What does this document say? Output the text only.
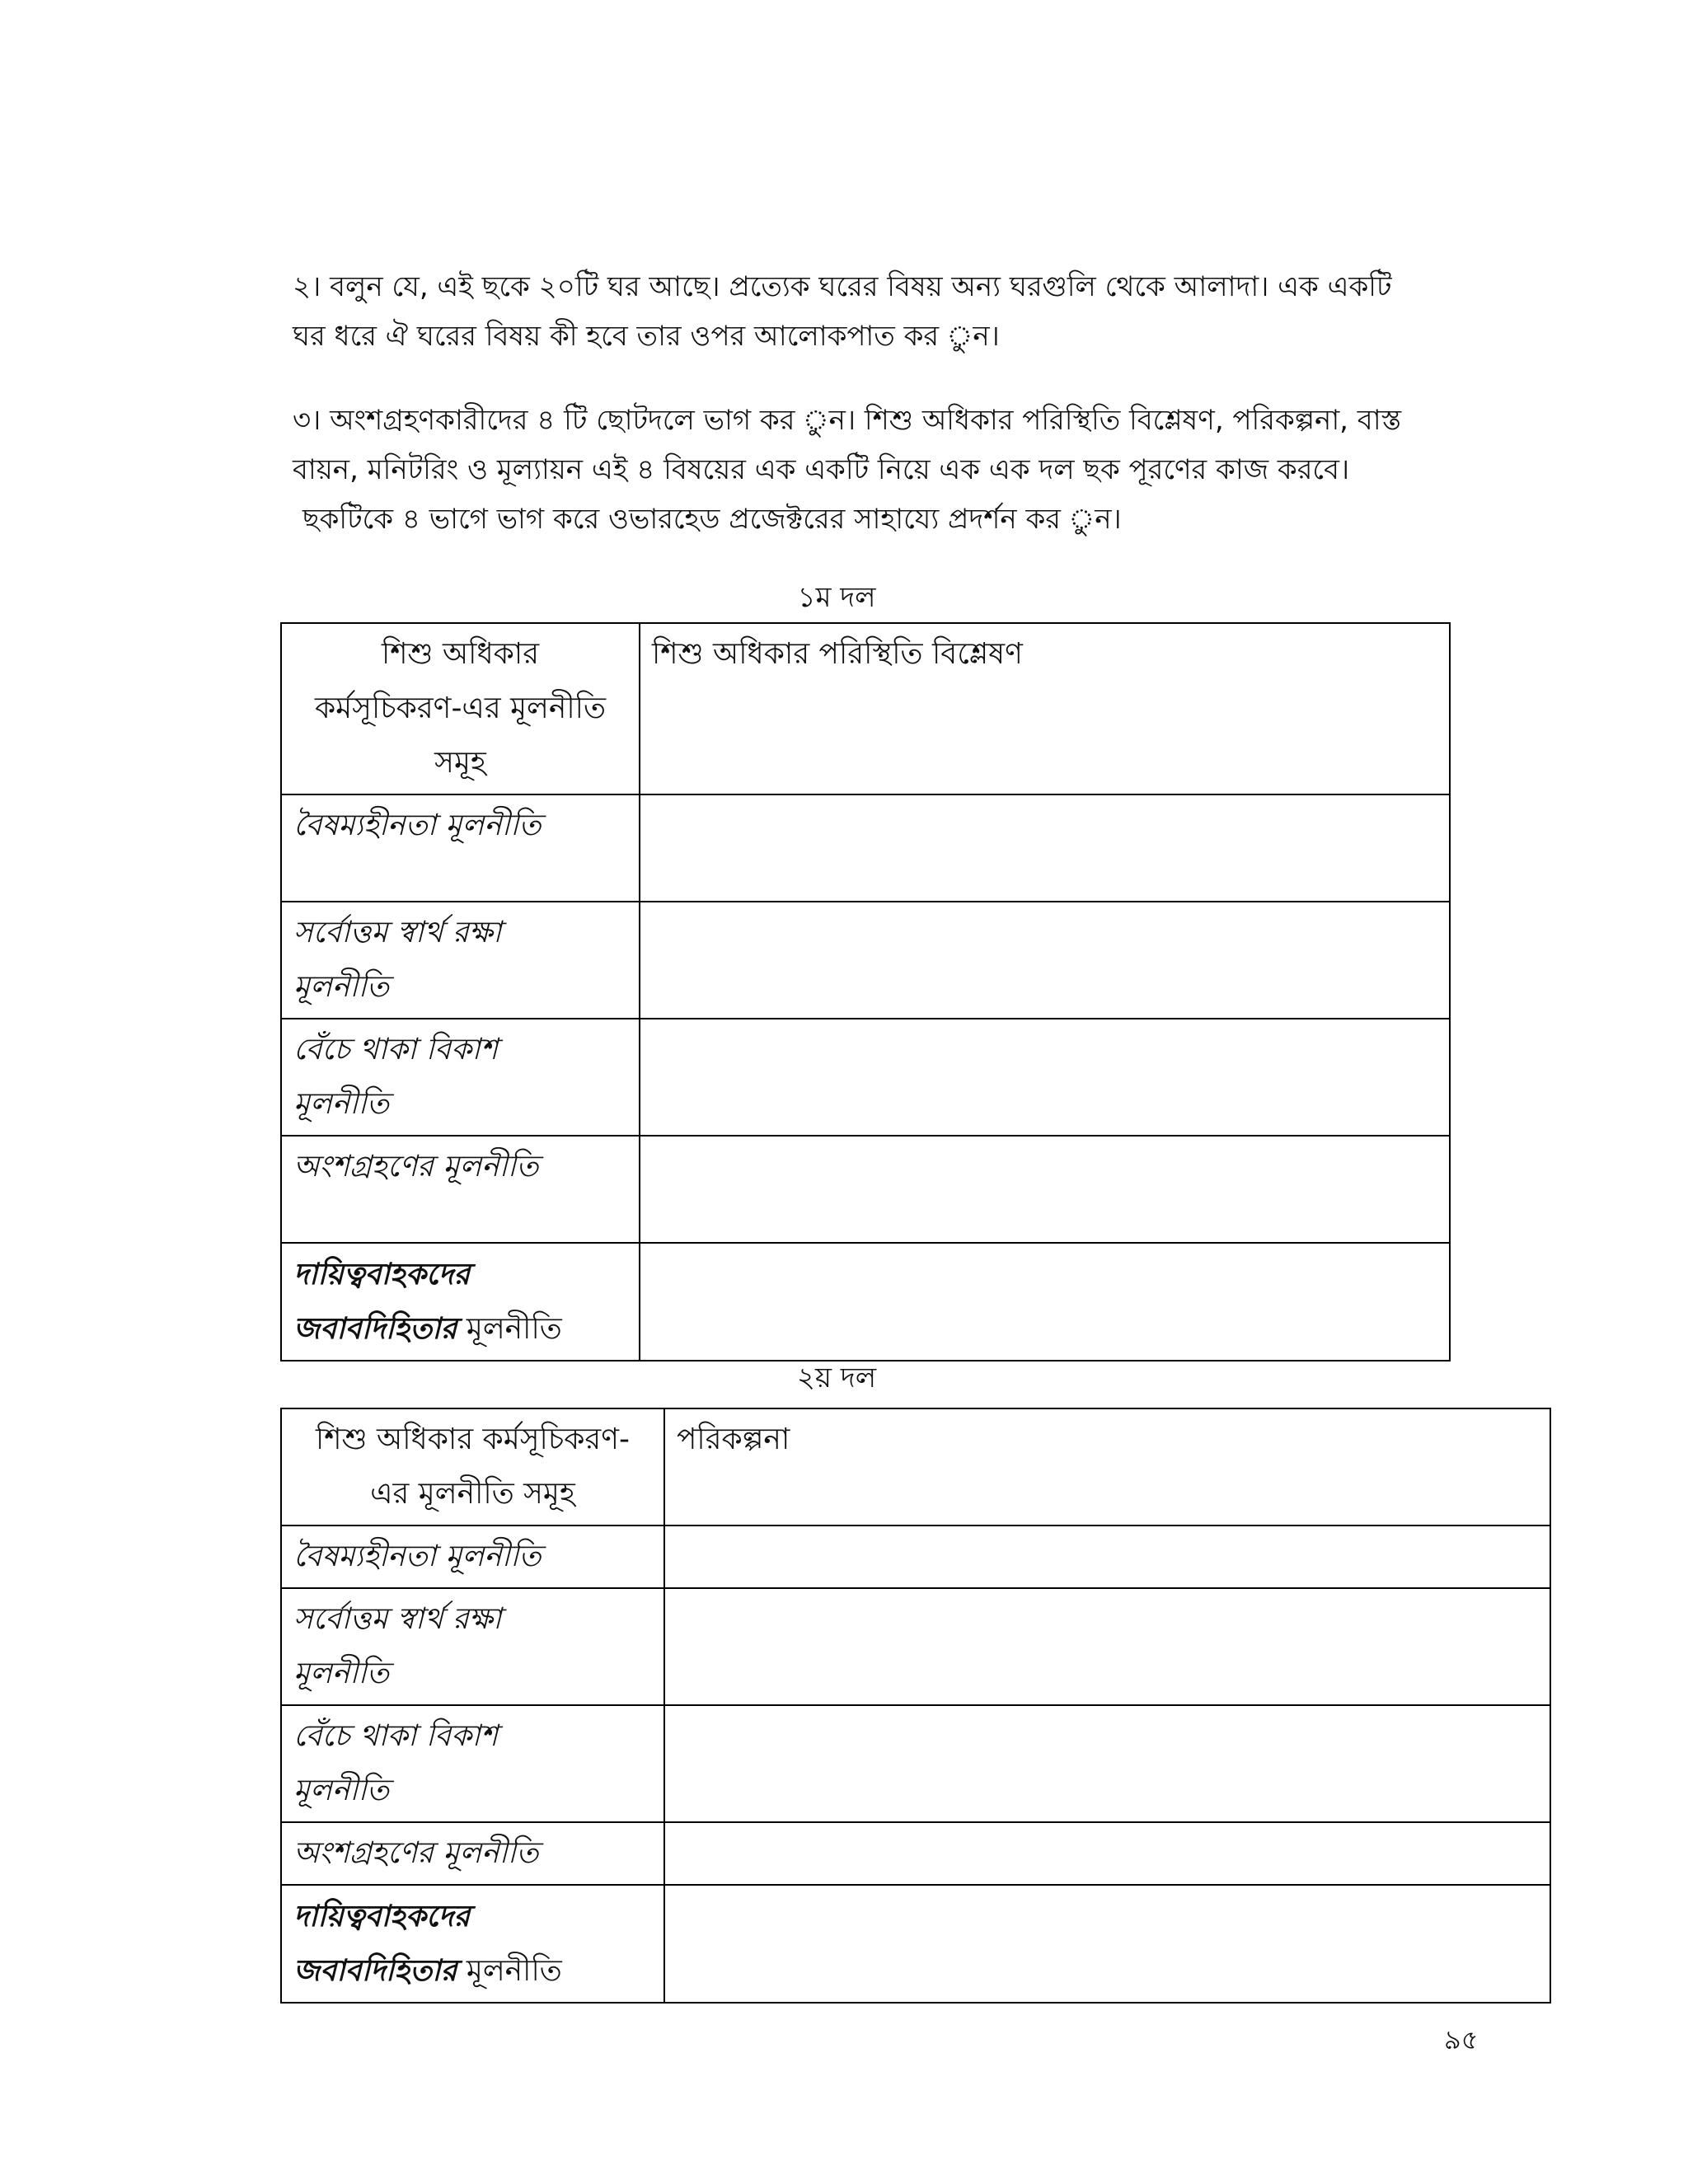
২। বলুন যে, এই ছকে ২০টি ঘর আছে। প্রত্যেক ঘরের বিষয় অন্য ঘরগুলি থেকে আলাদা। এক একটি
ঘর ধরে ঐ ঘরের বিষয় কী হবে তার ওপর আলোকপাত কর ুন।

৩। অংশগ্রহণকারীদের ৪ টি ছোটদলে ভাগ কর ুন। শিশু অধিকার পরিস্থিতি বিশ্লেষণ, পরিকল্পনা, বাস্ত
বায়ন, মনিটরিং ও মূল্যায়ন এই ৪ বিষয়ের এক একটি নিয়ে এক এক দল ছক পূরণের কাজ করবে।
ছকটিকে ৪ ভাগে ভাগ করে ওভারহেড প্রজেক্টরের সাহায্যে প্রদর্শন কর ুন।

১ম দল
শিশু অধিকার
কর্মসূচিকরণ-এর মূলনীতি
সমূহ	শিশু অধিকার পরিস্থিতি বিশ্লেষণ

বৈষম্যহীনতা মূলনীতি	

সর্বোত্তম স্বার্থ রক্ষা
মূলনীতি	

বেঁচে থাকা বিকাশ
মূলনীতি	

অংশগ্রহণের মূলনীতি	

দায়িত্ববাহকদের
জবাবদিহিতার মূলনীতি	

২য় দল
শিশু অধিকার কর্মসূচিকরণ-
এর মূলনীতি সমূহ	পরিকল্পনা

বৈষম্যহীনতা মূলনীতি	

সর্বোত্তম স্বার্থ রক্ষা
মূলনীতি	

বেঁচে থাকা বিকাশ
মূলনীতি	

অংশগ্রহণের মূলনীতি	

দায়িত্ববাহকদের
জবাবদিহিতার মূলনীতি	

৯৫
